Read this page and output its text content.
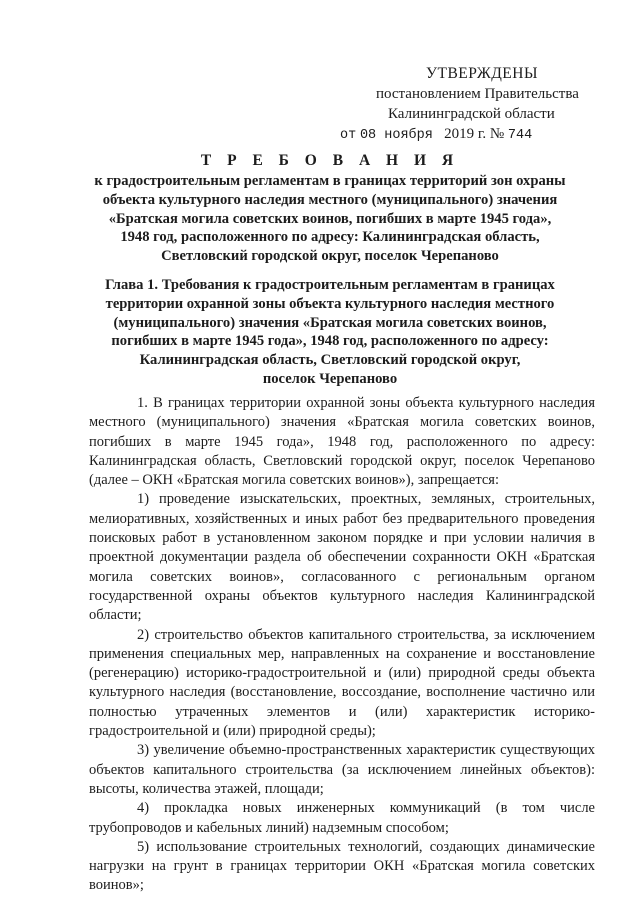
УТВЕРЖДЕНЫ
постановлением Правительства
Калининградской области
от 08 ноября 2019 г. № 744
Т Р Е Б О В А Н И Я
к градостроительным регламентам в границах территорий зон охраны
объекта культурного наследия местного (муниципального) значения
«Братская могила советских воинов, погибших в марте 1945 года»,
1948 год, расположенного по адресу: Калининградская область,
Светловский городской округ, поселок Черепаново
Глава 1. Требования к градостроительным регламентам в границах
территории охранной зоны объекта культурного наследия местного
(муниципального) значения «Братская могила советских воинов,
погибших в марте 1945 года», 1948 год, расположенного по адресу:
Калининградская область, Светловский городской округ,
поселок Черепаново

1. В границах территории охранной зоны объекта культурного наследия местного (муниципального) значения «Братская могила советских воинов, погибших в марте 1945 года», 1948 год, расположенного по адресу: Калининградская область, Светловский городской округ, поселок Черепаново (далее – ОКН «Братская могила советских воинов»), запрещается:

1) проведение изыскательских, проектных, земляных, строительных, мелиоративных, хозяйственных и иных работ без предварительного проведения поисковых работ в установленном законом порядке и при условии наличия в проектной документации раздела об обеспечении сохранности ОКН «Братская могила советских воинов», согласованного с региональным органом государственной охраны объектов культурного наследия Калининградской области;

2) строительство объектов капитального строительства, за исключением применения специальных мер, направленных на сохранение и восстановление (регенерацию) историко-градостроительной и (или) природной среды объекта культурного наследия (восстановление, воссоздание, восполнение частично или полностью утраченных элементов и (или) характеристик историко-градостроительной и (или) природной среды);

3) увеличение объемно-пространственных характеристик существующих объектов капитального строительства (за исключением линейных объектов): высоты, количества этажей, площади;

4) прокладка новых инженерных коммуникаций (в том числе трубопроводов и кабельных линий) надземным способом;

5) использование строительных технологий, создающих динамические нагрузки на грунт в границах территории ОКН «Братская могила советских воинов»;
